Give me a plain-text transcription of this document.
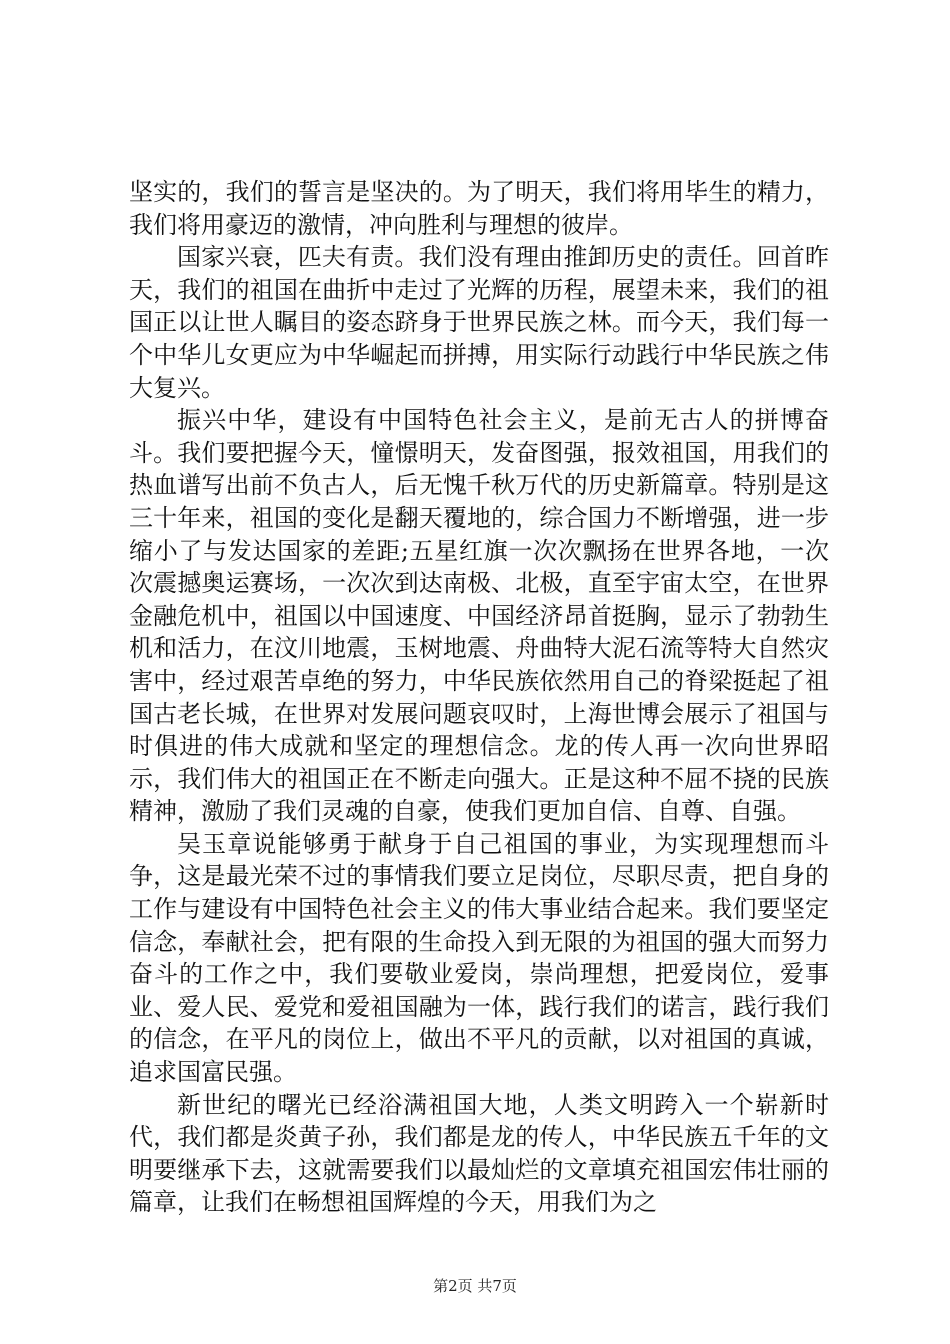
坚实的，我们的誓言是坚决的。为了明天，我们将用毕生的精力，我们将用豪迈的激情，冲向胜利与理想的彼岸。

国家兴衰，匹夫有责。我们没有理由推卸历史的责任。回首昨天，我们的祖国在曲折中走过了光辉的历程，展望未来，我们的祖国正以让世人瞩目的姿态跻身于世界民族之林。而今天，我们每一个中华儿女更应为中华崛起而拼搏，用实际行动践行中华民族之伟大复兴。

振兴中华，建设有中国特色社会主义，是前无古人的拼博奋斗。我们要把握今天，憧憬明天，发奋图强，报效祖国，用我们的热血谱写出前不负古人，后无愧千秋万代的历史新篇章。特别是这三十年来，祖国的变化是翻天覆地的，综合国力不断增强，进一步缩小了与发达国家的差距;五星红旗一次次飘扬在世界各地，一次次震撼奥运赛场，一次次到达南极、北极，直至宇宙太空，在世界金融危机中，祖国以中国速度、中国经济昂首挺胸，显示了勃勃生机和活力，在汶川地震，玉树地震、舟曲特大泥石流等特大自然灾害中，经过艰苦卓绝的努力，中华民族依然用自己的脊梁挺起了祖国古老长城，在世界对发展问题哀叹时，上海世博会展示了祖国与时俱进的伟大成就和坚定的理想信念。龙的传人再一次向世界昭示，我们伟大的祖国正在不断走向强大。正是这种不屈不挠的民族精神，激励了我们灵魂的自豪，使我们更加自信、自尊、自强。

吴玉章说能够勇于献身于自己祖国的事业，为实现理想而斗争，这是最光荣不过的事情我们要立足岗位，尽职尽责，把自身的工作与建设有中国特色社会主义的伟大事业结合起来。我们要坚定信念，奉献社会，把有限的生命投入到无限的为祖国的强大而努力奋斗的工作之中，我们要敬业爱岗，崇尚理想，把爱岗位，爱事业、爱人民、爱党和爱祖国融为一体，践行我们的诺言，践行我们的信念，在平凡的岗位上，做出不平凡的贡献，以对祖国的真诚，追求国富民强。

新世纪的曙光已经浴满祖国大地，人类文明跨入一个崭新时代，我们都是炎黄子孙，我们都是龙的传人，中华民族五千年的文明要继承下去，这就需要我们以最灿烂的文章填充祖国宏伟壮丽的篇章，让我们在畅想祖国辉煌的今天，用我们为之

第2页 共7页
